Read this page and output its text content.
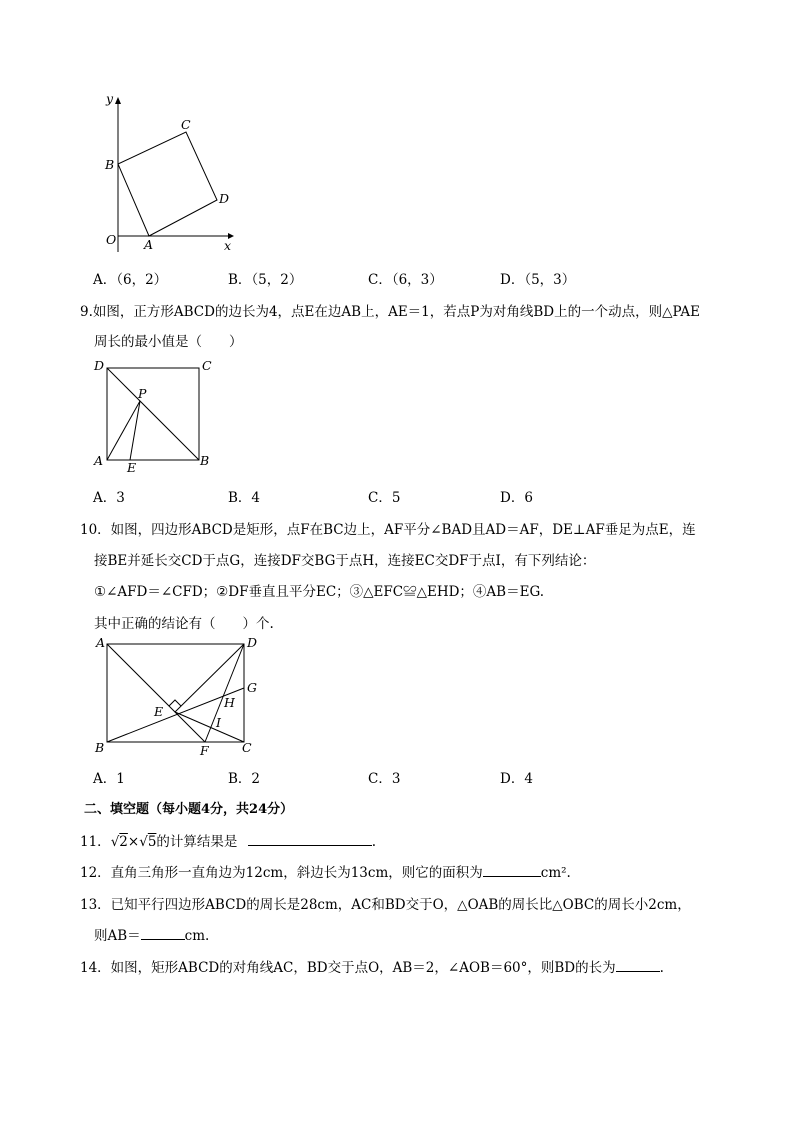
y
x
O A
B
C
D
A．（6，2）	B．（5，2）	C．（6，3）	D．（5，3）
9.如图，正方形ABCD的边长为4，点E在边AB上，AE＝1，若点P为对角线BD上的一个动点，则△PAE
周长的最小值是（　　）
D	C
P
A E	B
A．3	B．4	C．5	D．6
10．如图，四边形ABCD是矩形，点F在BC边上，AF平分∠BAD且AD＝AF，DE⊥AF垂足为点E，连
接BE并延长交CD于点G，连接DF交BG于点H，连接EC交DF于点I，有下列结论：
①∠AFD＝∠CFD；②DF垂直且平分EC；③△EFC≌△EHD；④AB＝EG.
其中正确的结论有（　　）个.
A	D
G
E
H
I
B	F	C
A．1	B．2	C．3	D．4
二、填空题（每小题4分，共24分）
11．√2×√5的计算结果是	.
12．直角三角形一直角边为12cm，斜边长为13cm，则它的面积为	cm².
13．已知平行四边形ABCD的周长是28cm，AC和BD交于O，△OAB的周长比△OBC的周长小2cm，
则AB＝	cm.
14．如图，矩形ABCD的对角线AC，BD交于点O，AB＝2，∠AOB＝60°，则BD的长为	.
